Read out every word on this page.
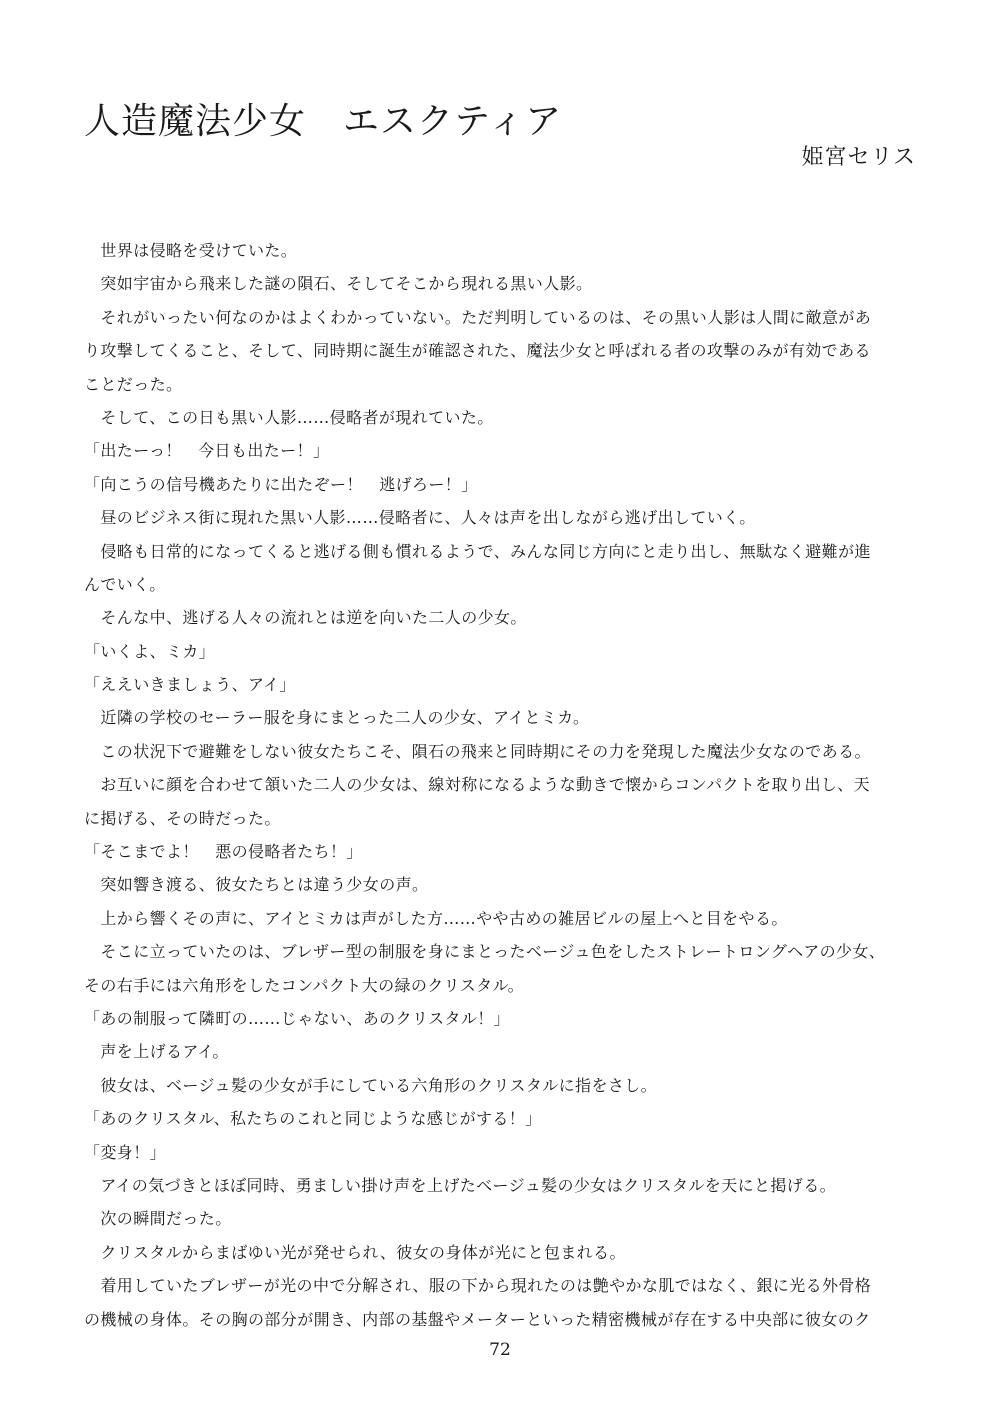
人造魔法少女　エスクティア
姫宮セリス
　世界は侵略を受けていた。
　突如宇宙から飛来した謎の隕石、そしてそこから現れる黒い人影。
　それがいったい何なのかはよくわかっていない。ただ判明しているのは、その黒い人影は人間に敵意があ
り攻撃してくること、そして、同時期に誕生が確認された、魔法少女と呼ばれる者の攻撃のみが有効である
ことだった。
　そして、この日も黒い人影……侵略者が現れていた。
「出たーっ！　今日も出たー！」
「向こうの信号機あたりに出たぞー！　逃げろー！」
　昼のビジネス街に現れた黒い人影……侵略者に、人々は声を出しながら逃げ出していく。
　侵略も日常的になってくると逃げる側も慣れるようで、みんな同じ方向にと走り出し、無駄なく避難が進
んでいく。
　そんな中、逃げる人々の流れとは逆を向いた二人の少女。
「いくよ、ミカ」
「ええいきましょう、アイ」
　近隣の学校のセーラー服を身にまとった二人の少女、アイとミカ。
　この状況下で避難をしない彼女たちこそ、隕石の飛来と同時期にその力を発現した魔法少女なのである。
　お互いに顔を合わせて頷いた二人の少女は、線対称になるような動きで懐からコンパクトを取り出し、天
に掲げる、その時だった。
「そこまでよ！　悪の侵略者たち！」
　突如響き渡る、彼女たちとは違う少女の声。
　上から響くその声に、アイとミカは声がした方……やや古めの雑居ビルの屋上へと目をやる。
　そこに立っていたのは、ブレザー型の制服を身にまとったベージュ色をしたストレートロングヘアの少女、
その右手には六角形をしたコンパクト大の緑のクリスタル。
「あの制服って隣町の……じゃない、あのクリスタル！」
　声を上げるアイ。
　彼女は、ベージュ髪の少女が手にしている六角形のクリスタルに指をさし。
「あのクリスタル、私たちのこれと同じような感じがする！」
「変身！」
　アイの気づきとほぼ同時、勇ましい掛け声を上げたベージュ髪の少女はクリスタルを天にと掲げる。
　次の瞬間だった。
　クリスタルからまばゆい光が発せられ、彼女の身体が光にと包まれる。
　着用していたブレザーが光の中で分解され、服の下から現れたのは艶やかな肌ではなく、銀に光る外骨格
の機械の身体。その胸の部分が開き、内部の基盤やメーターといった精密機械が存在する中央部に彼女のク
72
